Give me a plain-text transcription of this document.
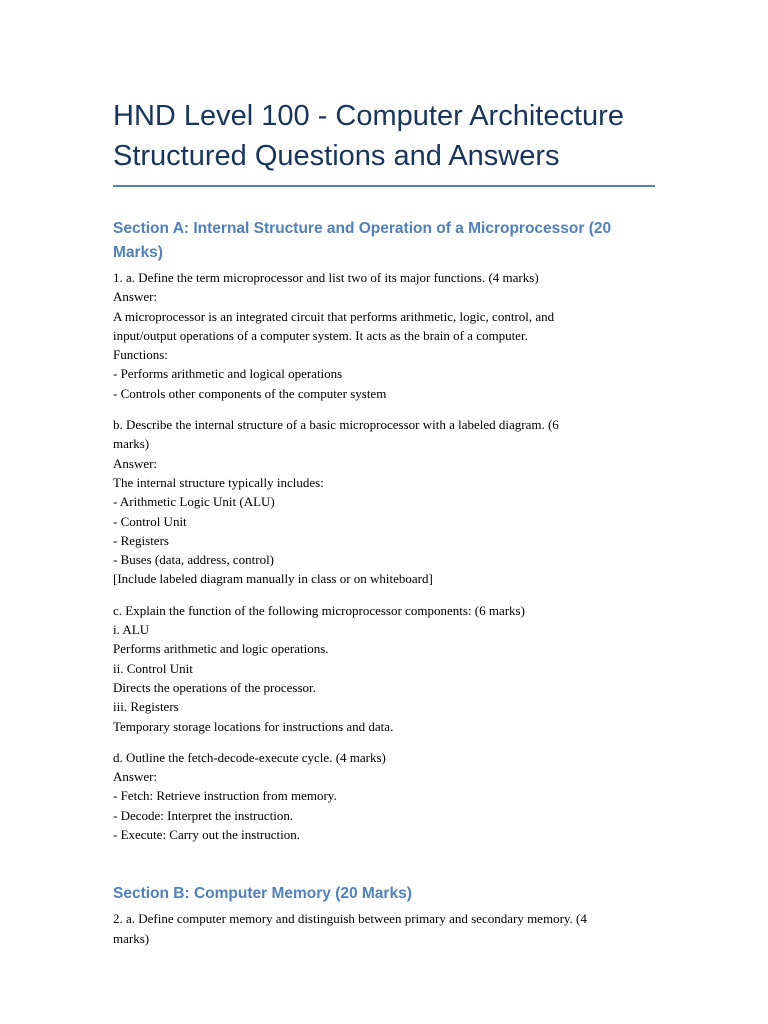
HND Level 100 - Computer Architecture
Structured Questions and Answers
Section A: Internal Structure and Operation of a Microprocessor (20
Marks)
1. a. Define the term microprocessor and list two of its major functions. (4 marks)
Answer:
A microprocessor is an integrated circuit that performs arithmetic, logic, control, and
input/output operations of a computer system. It acts as the brain of a computer.
Functions:
- Performs arithmetic and logical operations
- Controls other components of the computer system
b. Describe the internal structure of a basic microprocessor with a labeled diagram. (6
marks)
Answer:
The internal structure typically includes:
- Arithmetic Logic Unit (ALU)
- Control Unit
- Registers
- Buses (data, address, control)
[Include labeled diagram manually in class or on whiteboard]
c. Explain the function of the following microprocessor components: (6 marks)
i. ALU
Performs arithmetic and logic operations.
ii. Control Unit
Directs the operations of the processor.
iii. Registers
Temporary storage locations for instructions and data.
d. Outline the fetch-decode-execute cycle. (4 marks)
Answer:
- Fetch: Retrieve instruction from memory.
- Decode: Interpret the instruction.
- Execute: Carry out the instruction.
Section B: Computer Memory (20 Marks)
2. a. Define computer memory and distinguish between primary and secondary memory. (4
marks)
